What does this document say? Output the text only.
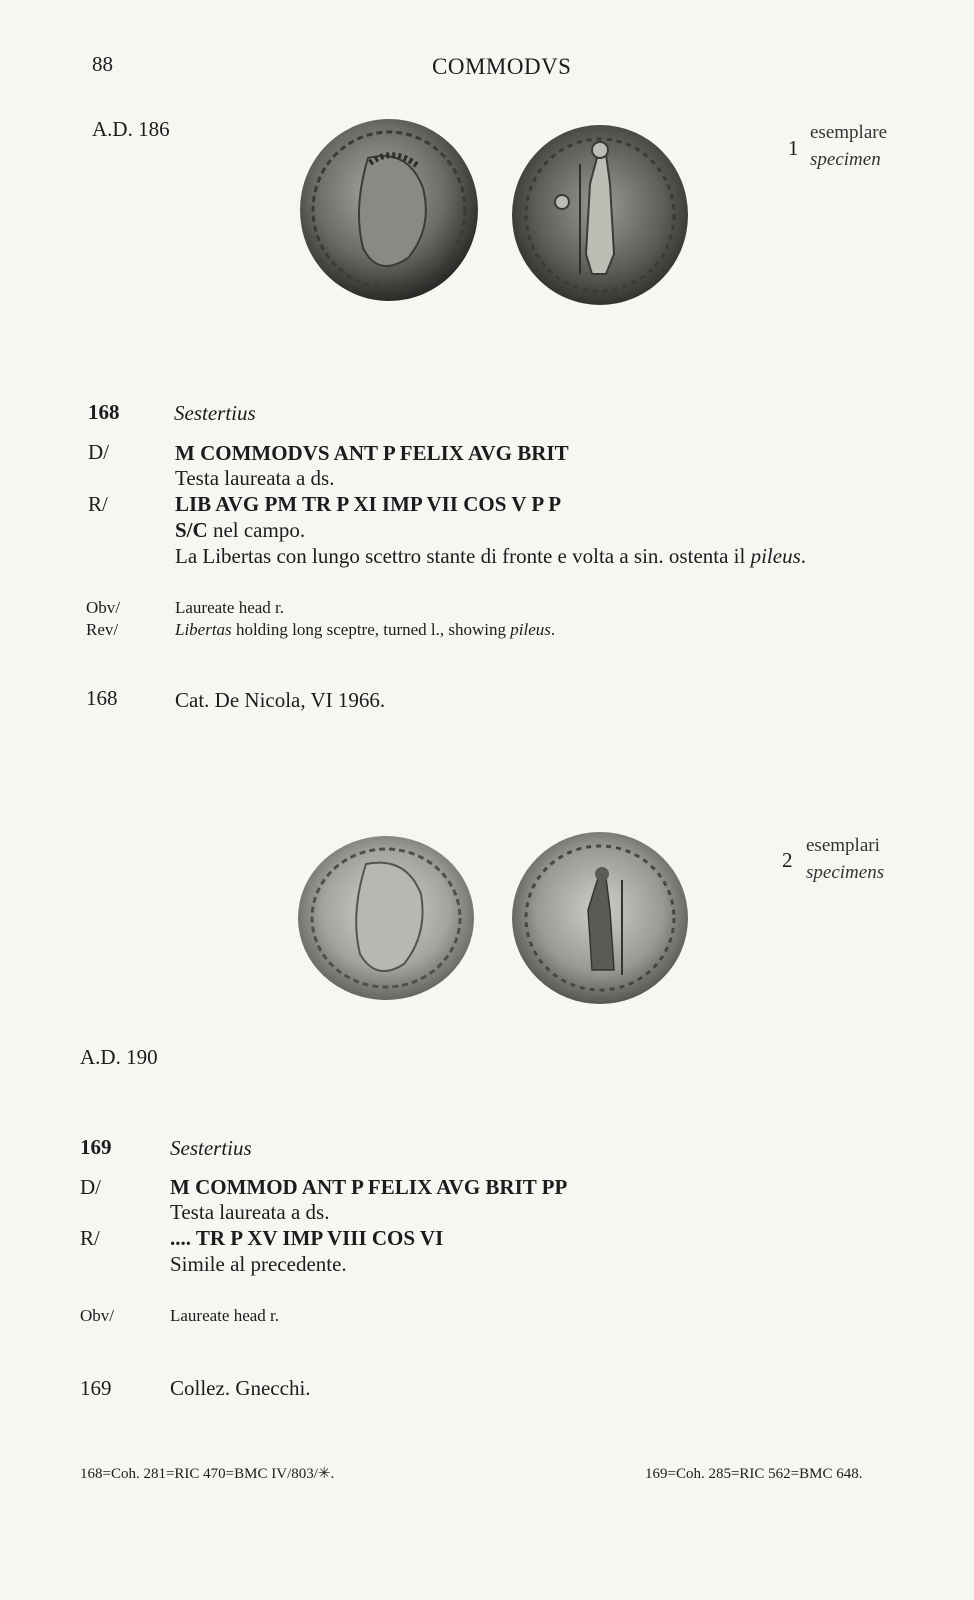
88	COMMODVS
A.D. 186
1
esemplare
specimen
168	Sestertius
D/	M COMMODVS ANT P FELIX AVG BRIT
Testa laureata a ds.
R/	LIB AVG PM TR P XI IMP VII COS V P P
S/C nel campo.
La Libertas con lungo scettro stante di fronte e volta a sin. ostenta il pileus.
Obv/	Laureate head r.
Rev/	Libertas holding long sceptre, turned l., showing pileus.
168	Cat. De Nicola, VI 1966.
2
esemplari
specimens
A.D. 190
169	Sestertius
D/	M COMMOD ANT P FELIX AVG BRIT PP
Testa laureata a ds.
R/	.... TR P XV IMP VIII COS VI
Simile al precedente.
Obv/	Laureate head r.
169	Collez. Gnecchi.
168=Coh. 281=RIC 470=BMC IV/803/✳.	169=Coh. 285=RIC 562=BMC 648.
